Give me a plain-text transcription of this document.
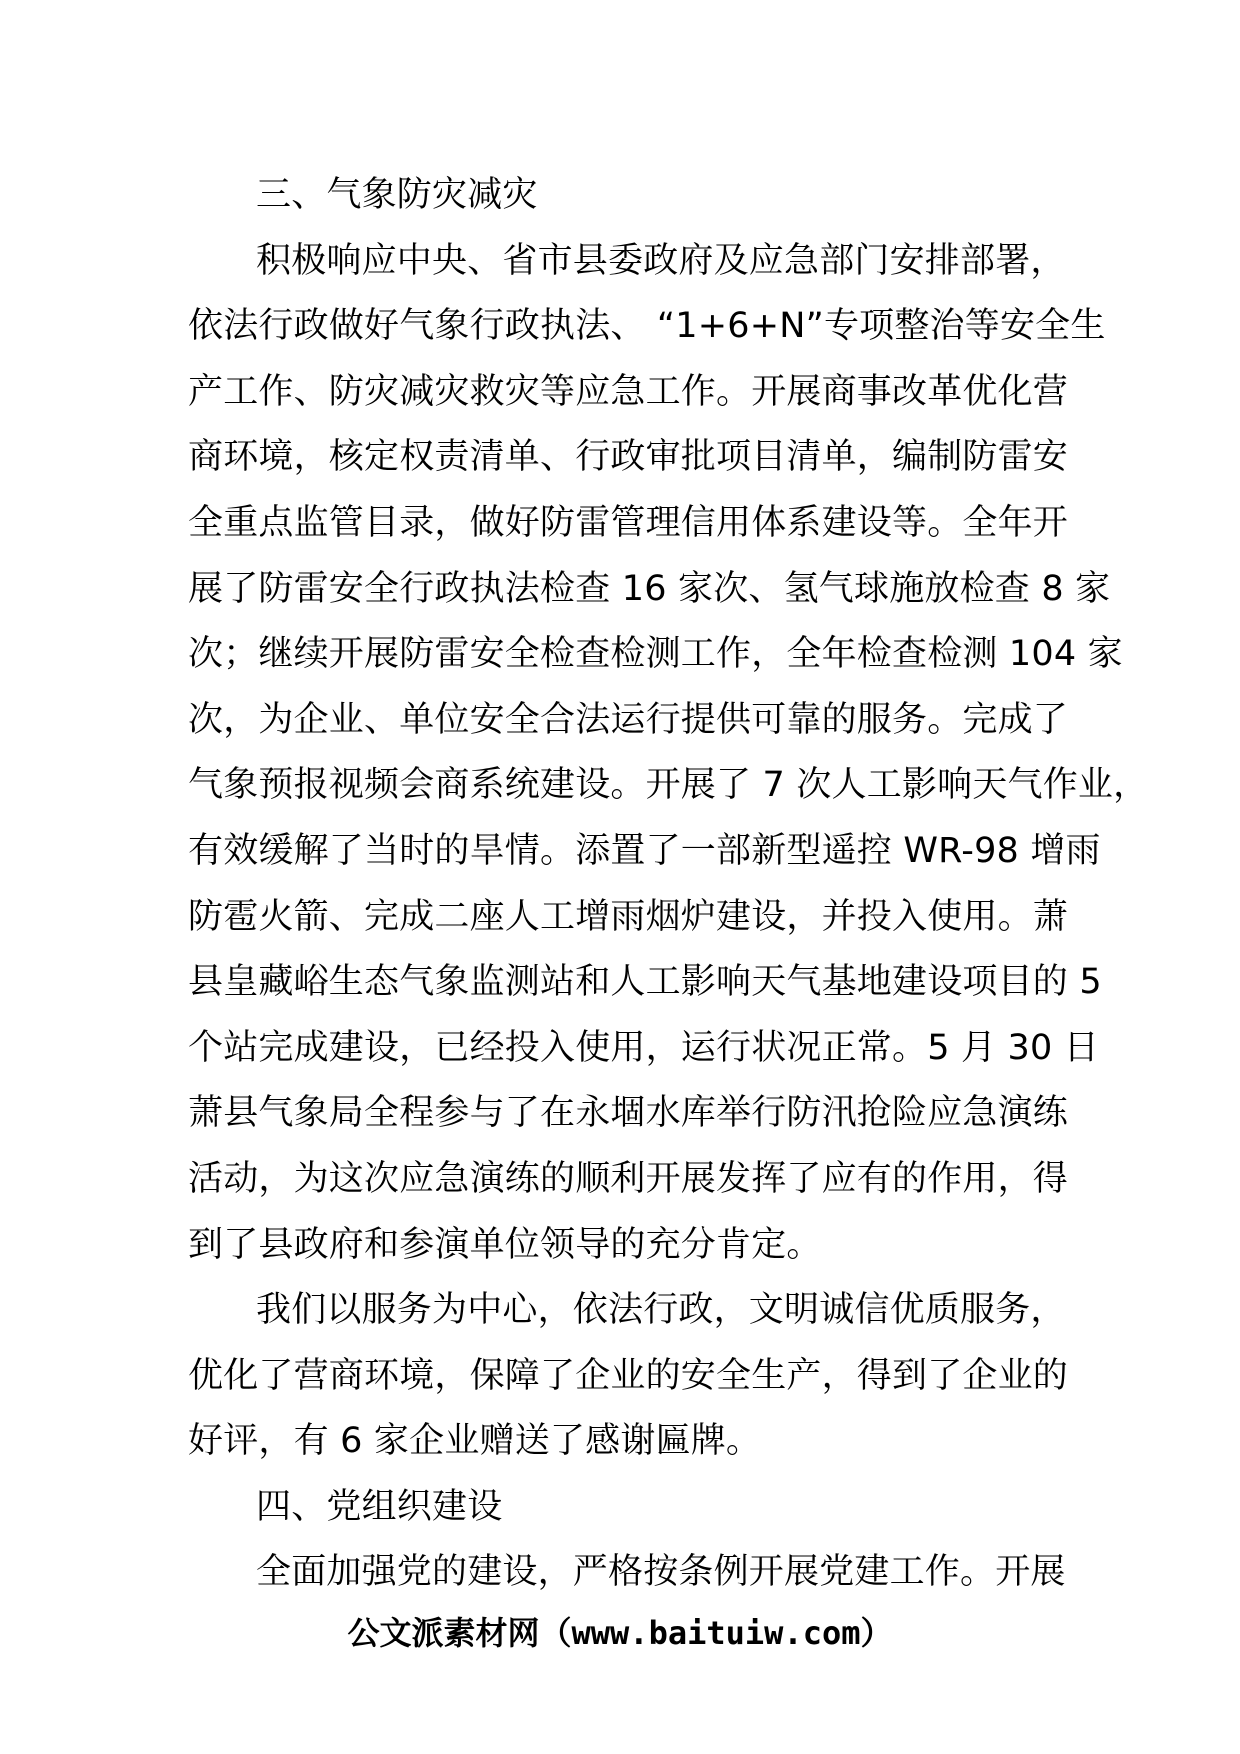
三、气象防灾减灾
积极响应中央、省市县委政府及应急部门安排部署，
依法行政做好气象行政执法、 “1+6+N”专项整治等安全生
产工作、防灾减灾救灾等应急工作。开展商事改革优化营
商环境，核定权责清单、行政审批项目清单，编制防雷安
全重点监管目录，做好防雷管理信用体系建设等。全年开
展了防雷安全行政执法检查 16 家次、氢气球施放检查 8 家
次；继续开展防雷安全检查检测工作，全年检查检测 104 家
次，为企业、单位安全合法运行提供可靠的服务。完成了
气象预报视频会商系统建设。开展了 7 次人工影响天气作业，
有效缓解了当时的旱情。添置了一部新型遥控 WR-98 增雨
防雹火箭、完成二座人工增雨烟炉建设，并投入使用。萧
县皇藏峪生态气象监测站和人工影响天气基地建设项目的 5
个站完成建设，已经投入使用，运行状况正常。5 月 30 日
萧县气象局全程参与了在永堌水库举行防汛抢险应急演练
活动，为这次应急演练的顺利开展发挥了应有的作用，得
到了县政府和参演单位领导的充分肯定。
我们以服务为中心，依法行政，文明诚信优质服务，
优化了营商环境，保障了企业的安全生产，得到了企业的
好评，有 6 家企业赠送了感谢匾牌。
四、党组织建设
全面加强党的建设，严格按条例开展党建工作。开展
公文派素材网（www.baituiw.com）
